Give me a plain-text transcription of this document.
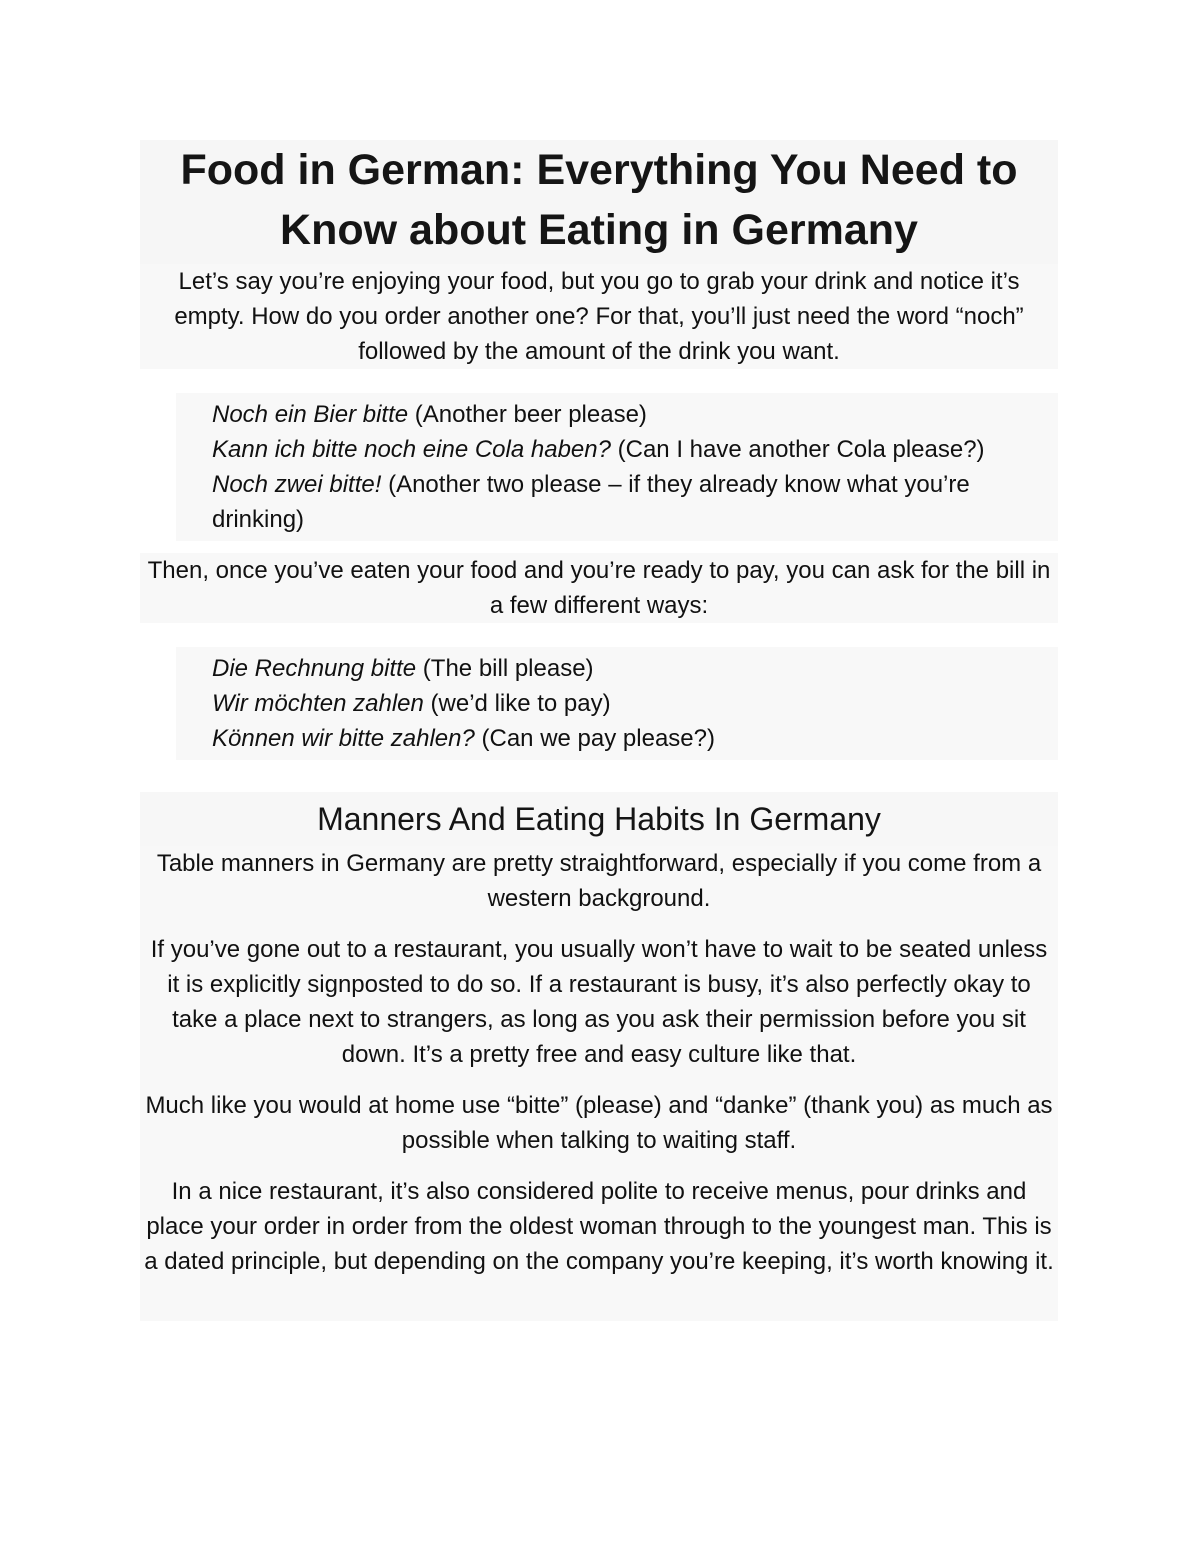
Food in German: Everything You Need to Know about Eating in Germany
Let’s say you’re enjoying your food, but you go to grab your drink and notice it’s empty. How do you order another one? For that, you’ll just need the word “noch” followed by the amount of the drink you want.
Noch ein Bier bitte (Another beer please)
Kann ich bitte noch eine Cola haben? (Can I have another Cola please?)
Noch zwei bitte! (Another two please – if they already know what you’re drinking)
Then, once you’ve eaten your food and you’re ready to pay, you can ask for the bill in a few different ways:
Die Rechnung bitte (The bill please)
Wir möchten zahlen (we’d like to pay)
Können wir bitte zahlen? (Can we pay please?)
Manners And Eating Habits In Germany
Table manners in Germany are pretty straightforward, especially if you come from a western background.
If you’ve gone out to a restaurant, you usually won’t have to wait to be seated unless it is explicitly signposted to do so. If a restaurant is busy, it’s also perfectly okay to take a place next to strangers, as long as you ask their permission before you sit down. It’s a pretty free and easy culture like that.
Much like you would at home use “bitte” (please) and “danke” (thank you) as much as possible when talking to waiting staff.
In a nice restaurant, it’s also considered polite to receive menus, pour drinks and place your order in order from the oldest woman through to the youngest man. This is a dated principle, but depending on the company you’re keeping, it’s worth knowing it.
